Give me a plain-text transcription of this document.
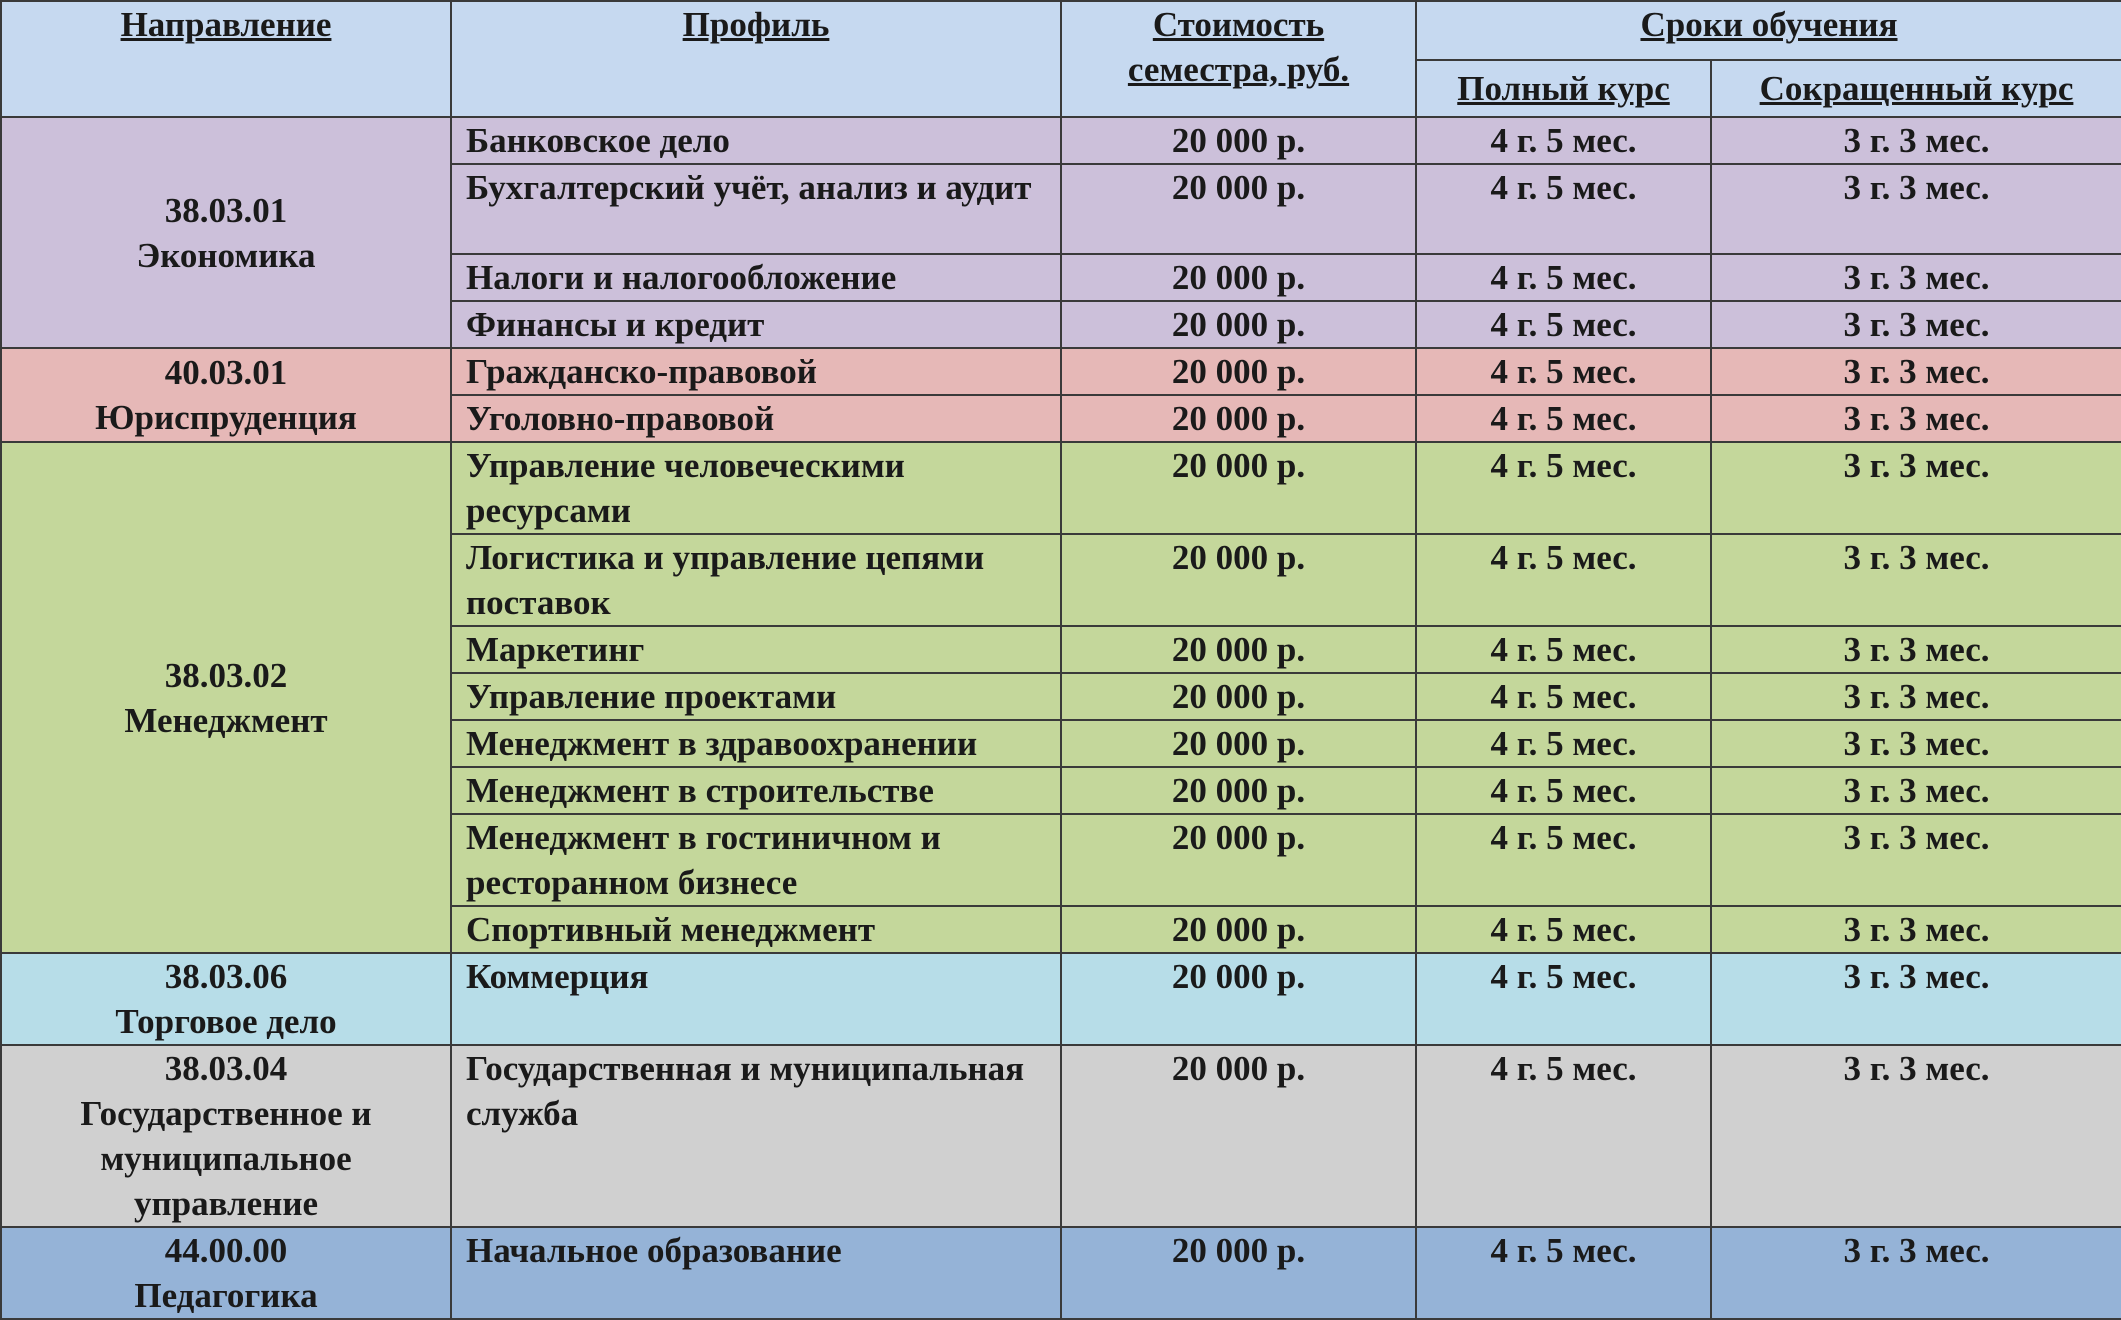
Направление	Профиль	Стоимость семестра, руб.	Сроки обучения	
			Полный курс	Сокращенный курс

38.03.01
Экономика	Банковское дело	20 000 р.	4 г. 5 мес.	3 г. 3 мес.
	Бухгалтерский учёт, анализ и аудит	20 000 р.	4 г. 5 мес.	3 г. 3 мес.
	Налоги и налогообложение	20 000 р.	4 г. 5 мес.	3 г. 3 мес.
	Финансы и кредит	20 000 р.	4 г. 5 мес.	3 г. 3 мес.

40.03.01
Юриспруденция	Гражданско-правовой	20 000 р.	4 г. 5 мес.	3 г. 3 мес.
	Уголовно-правовой	20 000 р.	4 г. 5 мес.	3 г. 3 мес.

38.03.02
Менеджмент	Управление человеческими ресурсами	20 000 р.	4 г. 5 мес.	3 г. 3 мес.
	Логистика и управление цепями поставок	20 000 р.	4 г. 5 мес.	3 г. 3 мес.
	Маркетинг	20 000 р.	4 г. 5 мес.	3 г. 3 мес.
	Управление проектами	20 000 р.	4 г. 5 мес.	3 г. 3 мес.
	Менеджмент в здравоохранении	20 000 р.	4 г. 5 мес.	3 г. 3 мес.
	Менеджмент в строительстве	20 000 р.	4 г. 5 мес.	3 г. 3 мес.
	Менеджмент в гостиничном и ресторанном бизнесе	20 000 р.	4 г. 5 мес.	3 г. 3 мес.
	Спортивный менеджмент	20 000 р.	4 г. 5 мес.	3 г. 3 мес.

38.03.06
Торговое дело	Коммерция	20 000 р.	4 г. 5 мес.	3 г. 3 мес.

38.03.04
Государственное и муниципальное управление	Государственная и муниципальная служба	20 000 р.	4 г. 5 мес.	3 г. 3 мес.

44.00.00
Педагогика	Начальное образование	20 000 р.	4 г. 5 мес.	3 г. 3 мес.
